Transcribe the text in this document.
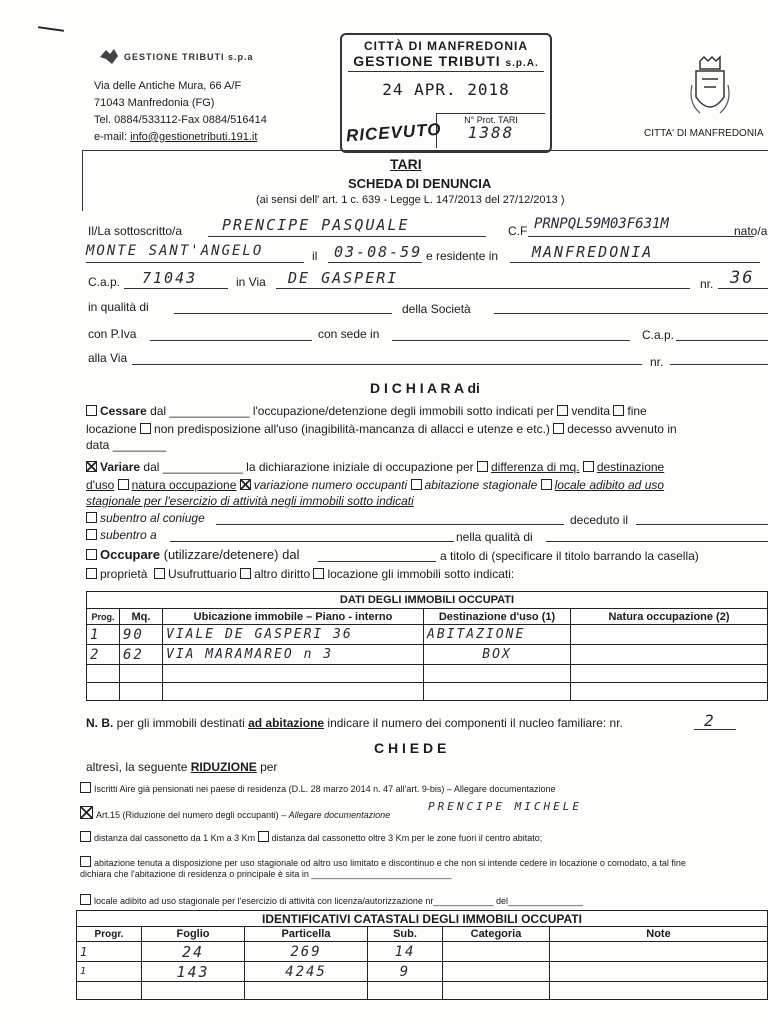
GESTIONE TRIBUTI s.p.a
Via delle Antiche Mura, 66 A/F
71043 Manfredonia (FG)
Tel. 0884/533112-Fax 0884/516414
e-mail: info@gestionetributi.191.it
CITTÀ DI MANFREDONIA
GESTIONE TRIBUTI s.p.A.
24 APR. 2018
RICEVUTO	N° Prot. TARI
1388	CITTA' DI MANFREDONIA
TARI
SCHEDA DI DENUNCIA
(ai sensi dell' art. 1 c. 639 - Legge L. 147/2013 del 27/12/2013 )
Il/La sottoscritto/a	PRENCIPE PASQUALE	C.F PRNPQL59M03F631M	nato/a
MONTE SANT'ANGELO	il 03-08-59 e residente in MANFREDONIA
C.a.p. 71043	in Via DE GASPERI	nr. 36
in qualità di	della Società
con P.Iva	con sede in	C.a.p.
alla Via	nr.
D I C H I A R A di
Cessare dal ____________ l'occupazione/detenzione degli immobili sotto indicati per vendita fine
locazione non predisposizione all'uso (inagibilità-mancanza di allacci e utenze e etc.) decesso avvenuto in
data ________
Variare dal ____________ la dichiarazione iniziale di occupazione per differenza di mq. destinazione
d'uso natura occupazione variazione numero occupanti abitazione stagionale locale adibito ad uso
stagionale per l'esercizio di attività negli immobili sotto indicati
subentro al coniuge	deceduto il
subentro a	nella qualità di
Occupare (utilizzare/detenere) dal	a titolo di (specificare il titolo barrando la casella)
proprietà Usufruttuario altro diritto locazione gli immobili sotto indicati:
DATI DEGLI IMMOBILI OCCUPATI				
Prog.	Mq.	Ubicazione immobile – Piano - interno	Destinazione d'uso (1)	Natura occupazione (2)
1	90	VIALE DE GASPERI 36	ABITAZIONE	
2	62	VIA MARAMAREO n 3	BOX	

N. B. per gli immobili destinati ad abitazione indicare il numero dei componenti il nucleo familiare: nr.	2
C H I E D E
altresì, la seguente RIDUZIONE per
Iscritti Aire già pensionati nei paese di residenza (D.L. 28 marzo 2014 n. 47 all'art. 9-bis) – Allegare documentazione
Art.15 (Riduzione del numero degli occupanti) – Allegare documentazione
PRENCIPE MICHELE
distanza dal cassonetto da 1 Km a 3 Km distanza dal cassonetto oltre 3 Km per le zone fuori il centro abitato;
abitazione tenuta a disposizione per uso stagionale od altro uso limitato e discontinuo e che non si intende cedere in locazione o comodato, a tal fine
dichiara che l'abitazione di residenza o principale è sita in ____________________________
locale adibito ad uso stagionale per l'esercizio di attività con licenza/autorizzazione nr____________ del_______________
IDENTIFICATIVI CATASTALI DEGLI IMMOBILI OCCUPATI					
Progr.	Foglio	Particella	Sub.	Categoria	Note
1	24	269	14		
1	143	4245	9		
